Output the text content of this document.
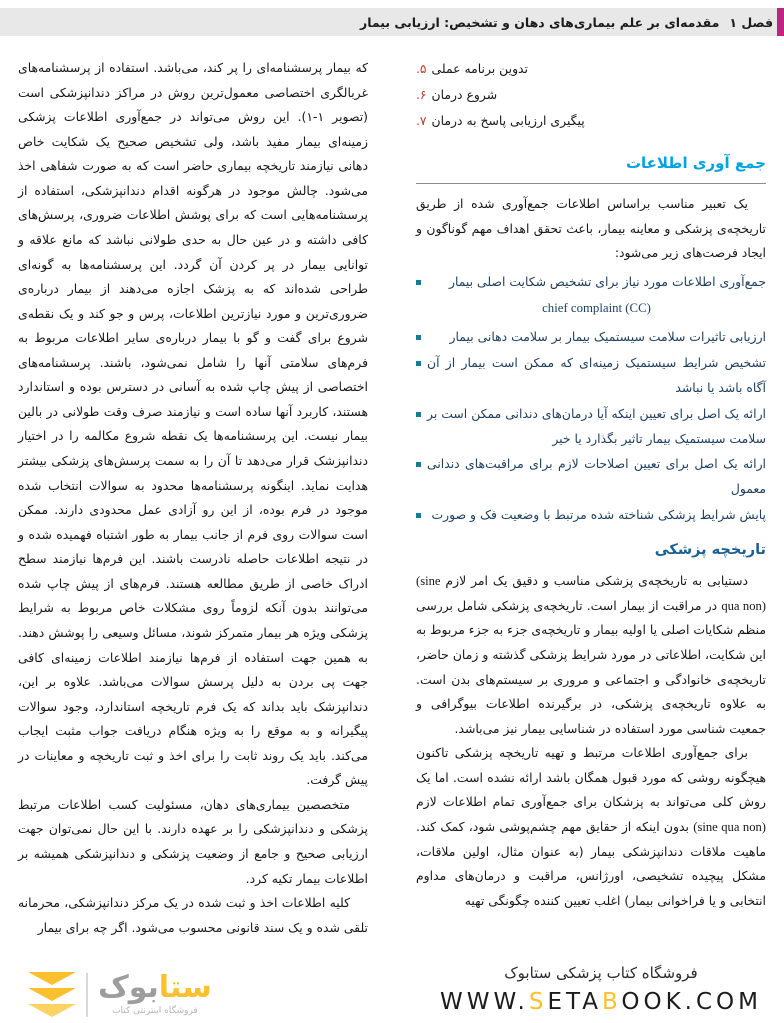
فصل ۱
مقدمه‌ای بر علم بیماری‌های دهان و تشخیص: ارزیابی بیمار
۵. تدوین برنامه عملی
۶. شروع درمان
۷. پیگیری ارزیابی پاسخ به درمان
جمع آوری اطلاعات

یک تعبیر مناسب براساس اطلاعات جمع‌آوری شده از طریق تاریخچه‌ی پزشکی و معاینه بیمار، باعث تحقق اهداف مهم گوناگون و ایجاد فرصت‌های زیر می‌شود:

جمع‌آوری اطلاعات مورد نیاز برای تشخیص شکایت اصلی بیمار
chief complaint (CC)
ارزیابی تاثیرات سلامت سیستمیک بیمار بر سلامت دهانی بیمار
تشخیص شرایط سیستمیک زمینه‌ای که ممکن است بیمار از آن آگاه باشد یا نباشد
ارائه یک اصل برای تعیین اینکه آیا درمان‌های دندانی ممکن است بر سلامت سیستمیک بیمار تاثیر بگذارد یا خیر
ارائه یک اصل برای تعیین اصلاحات لازم برای مراقبت‌های دندانی معمول
پایش شرایط پزشکی شناخته شده مرتبط با وضعیت فک و صورت
تاریخچه پزشکی

دستیابی به تاریخچه‌ی پزشکی مناسب و دقیق یک امر لازم (sine qua non) در مراقبت از بیمار است. تاریخچه‌ی پزشکی شامل بررسی منظم شکایات اصلی یا اولیه بیمار و تاریخچه‌ی جزء به جزء مربوط به این شکایت، اطلاعاتی در مورد شرایط پزشکی گذشته و زمان حاضر، تاریخچه‌ی خانوادگی و اجتماعی و مروری بر سیستم‌های بدن است. به علاوه تاریخچه‌ی پزشکی، در برگیرنده اطلاعات بیوگرافی و جمعیت شناسی مورد استفاده در شناسایی بیمار نیز می‌باشد.

برای جمع‌آوری اطلاعات مرتبط و تهیه تاریخچه پزشکی تاکنون هیچگونه روشی که مورد قبول همگان باشد ارائه نشده است. اما یک روش کلی می‌تواند به پزشکان برای جمع‌آوری تمام اطلاعات لازم (sine qua non) بدون اینکه از حقایق مهم چشم‌پوشی شود، کمک کند. ماهیت ملاقات دندانپزشکی بیمار (به عنوان مثال، اولین ملاقات، مشکل پیچیده تشخیصی، اورژانس، مراقبت و درمان‌های مداوم انتخابی و یا فراخوانی بیمار) اغلب تعیین کننده چگونگی تهیه

که بیمار پرسشنامه‌ای را پر کند، می‌باشد. استفاده از پرسشنامه‌های غربالگری اختصاصی معمول‌ترین روش در مراکز دندانپزشکی است (تصویر ۱-۱). این روش می‌تواند در جمع‌آوری اطلاعات پزشکی زمینه‌ای بیمار مفید باشد، ولی تشخیص صحیح یک شکایت خاص دهانی نیازمند تاریخچه بیماری حاضر است که به صورت شفاهی اخذ می‌شود. چالش موجود در هرگونه اقدام دندانپزشکی، استفاده از پرسشنامه‌هایی است که برای پوشش اطلاعات ضروری، پرسش‌های کافی داشته و در عین حال به حدی طولانی نباشد که مانع علاقه و توانایی بیمار در پر کردن آن گردد. این پرسشنامه‌ها به گونه‌ای طراحی شده‌اند که به پزشک اجازه می‌دهند از بیمار درباره‌ی ضروری‌ترین و مورد نیازترین اطلاعات، پرس و جو کند و یک نقطه‌ی شروع برای گفت و گو با بیمار درباره‌ی سایر اطلاعات مربوط به فرم‌های سلامتی آنها را شامل نمی‌شود، باشند. پرسشنامه‌های اختصاصی از پیش چاپ شده به آسانی در دسترس بوده و استاندارد هستند، کاربرد آنها ساده است و نیازمند صرف وقت طولانی در بالین بیمار نیست. این پرسشنامه‌ها یک نقطه شروع مکالمه را در اختیار دندانپزشک قرار می‌دهد تا آن را به سمت پرسش‌های پزشکی بیشتر هدایت نماید. اینگونه پرسشنامه‌ها محدود به سوالات انتخاب شده موجود در فرم بوده، از این رو آزادی عمل محدودی دارند. ممکن است سوالات روی فرم از جانب بیمار به طور اشتباه فهمیده شده و در نتیجه اطلاعات حاصله نادرست باشند. این فرم‌ها نیازمند سطح ادراک خاصی از طریق مطالعه هستند. فرم‌های از پیش چاپ شده می‌توانند بدون آنکه لزوماً روی مشکلات خاص مربوط به شرایط پزشکی ویژه هر بیمار متمرکز شوند، مسائل وسیعی را پوشش دهند. به همین جهت استفاده از فرم‌ها نیازمند اطلاعات زمینه‌ای کافی جهت پی بردن به دلیل پرسش سوالات می‌باشد. علاوه بر این، دندانپزشک باید بداند که یک فرم تاریخچه استاندارد، وجود سوالات پیگیرانه و به موقع را به ویژه هنگام دریافت جواب مثبت ایجاب می‌کند. باید یک روند ثابت را برای اخذ و ثبت تاریخچه و معاینات در پیش گرفت.

متخصصین بیماری‌های دهان، مسئولیت کسب اطلاعات مرتبط پزشکی و دندانپزشکی را بر عهده دارند. با این حال نمی‌توان جهت ارزیابی صحیح و جامع از وضعیت پزشکی و دندانپزشکی همیشه بر اطلاعات بیمار تکیه کرد.

کلیه اطلاعات اخذ و ثبت شده در یک مرکز دندانپزشکی، محرمانه تلقی شده و یک سند قانونی محسوب می‌شود. اگر چه برای بیمار

ستابوک
فروشگاه اینترنتی کتاب
فروشگاه کتاب پزشکی ستابوک
WWW.SETABOOK.COM
